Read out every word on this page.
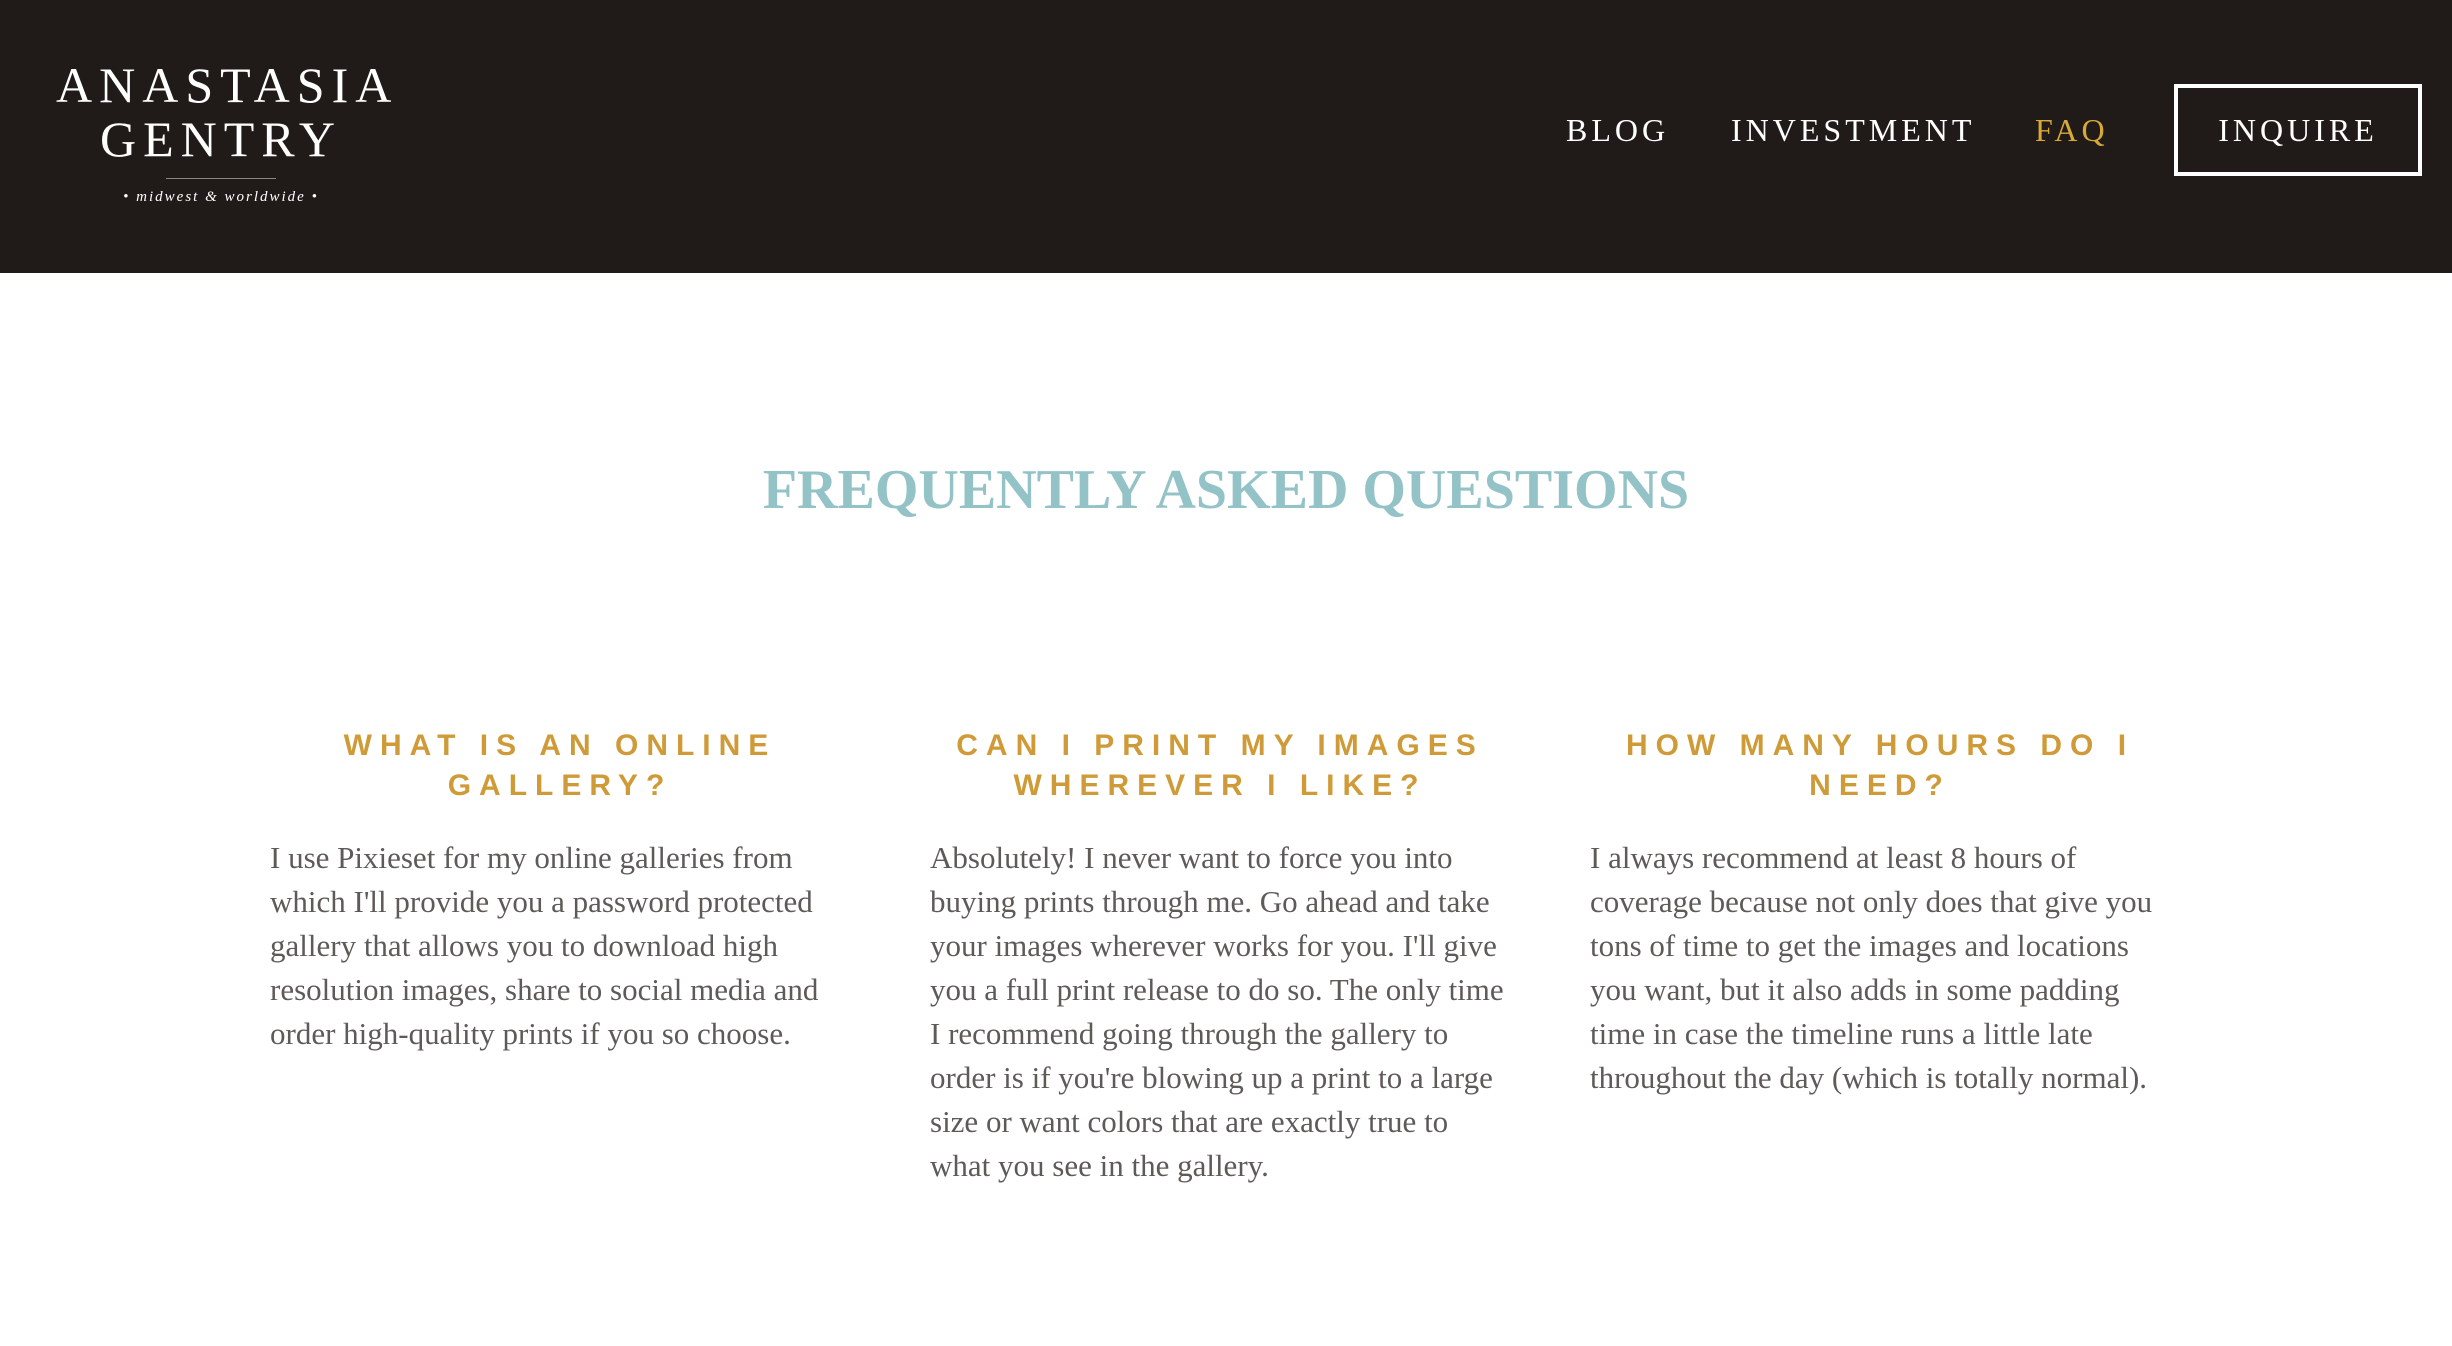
ANASTASIA
GENTRY
• midwest & worldwide •
BLOG INVESTMENT FAQ	INQUIRE
FREQUENTLY ASKED QUESTIONS
WHAT IS AN ONLINE GALLERY?

I use Pixieset for my online galleries from which I'll provide you a password protected gallery that allows you to download high resolution images, share to social media and order high-quality prints if you so choose.

CAN I PRINT MY IMAGES WHEREVER I LIKE?

Absolutely! I never want to force you into buying prints through me. Go ahead and take your images wherever works for you. I'll give you a full print release to do so. The only time I recommend going through the gallery to order is if you're blowing up a print to a large size or want colors that are exactly true to what you see in the gallery.

HOW MANY HOURS DO I NEED?

I always recommend at least 8 hours of coverage because not only does that give you tons of time to get the images and locations you want, but it also adds in some padding time in case the timeline runs a little late throughout the day (which is totally normal).
